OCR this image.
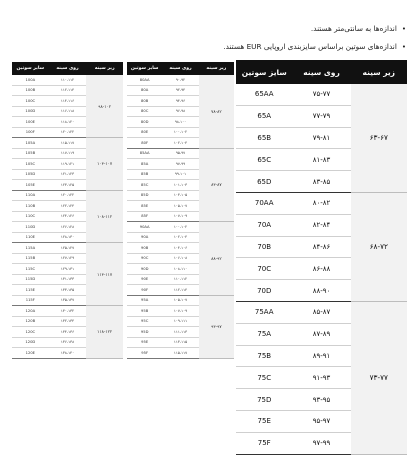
• اندازه‌ها به سانتی‌متر هستند.
• اندازه‌های سوتین براساس سایزبندی اروپایی EUR هستند.
زیر سینه	روی سینه	سایز سوتین
۶۳-۶۷	۷۵-۷۷	65AA
	۷۷-۷۹	65A
	۷۹-۸۱	65B
	۸۱-۸۳	65C
	۸۳-۸۵	65D
۶۸-۷۲	۸۰-۸۲	70AA
	۸۲-۸۴	70A
	۸۴-۸۶	70B
	۸۶-۸۸	70C
	۸۸-۹۰	70D
۷۳-۷۷	۸۵-۸۷	75AA
	۸۷-۸۹	75A
	۸۹-۹۱	75B
	۹۱-۹۳	75C
	۹۳-۹۵	75D
	۹۵-۹۷	75E
	۹۷-۹۹	75F
زیر سینه	روی سینه	سایز سوتین
۷۸-۸۲	۹۰-۹۲	80AA
	۹۲-۹۴	80A
	۹۴-۹۶	80B
	۹۶-۹۸	80C
	۹۸-۱۰۰	80D
	۱۰۰-۱۰۲	80E
	۱۰۲-۱۰۴	80F
۸۳-۸۷	۹۵-۹۷	85AA
	۹۷-۹۹	85A
	۹۹-۱۰۱	85B
	۱۰۱-۱۰۳	85C
	۱۰۳-۱۰۵	85D
	۱۰۵-۱۰۷	85E
	۱۰۷-۱۰۹	85F
۸۸-۹۲	۱۰۰-۱۰۲	90AA
	۱۰۲-۱۰۴	90A
	۱۰۴-۱۰۶	90B
	۱۰۶-۱۰۸	90C
	۱۰۸-۱۱۰	90D
	۱۱۰-۱۱۲	90E
	۱۱۲-۱۱۴	90F
۹۳-۹۷	۱۰۵-۱۰۷	95A
	۱۰۷-۱۰۹	95B
	۱۰۹-۱۱۱	95C
	۱۱۱-۱۱۳	95D
	۱۱۳-۱۱۵	95E
	۱۱۵-۱۱۷	95F
زیر سینه	روی سینه	سایز سوتین
۹۸-۱۰۲	۱۱۰-۱۱۲	100A
	۱۱۲-۱۱۴	100B
	۱۱۴-۱۱۶	100C
	۱۱۶-۱۱۸	100D
	۱۱۸-۱۲۰	100E
	۱۲۰-۱۲۲	100F
۱۰۳-۱۰۷	۱۱۵-۱۱۷	105A
	۱۱۷-۱۱۹	105B
	۱۱۹-۱۲۱	105C
	۱۲۱-۱۲۳	105D
	۱۲۳-۱۲۵	105E
۱۰۸-۱۱۲	۱۲۰-۱۲۲	110A
	۱۲۲-۱۲۴	110B
	۱۲۴-۱۲۶	110C
	۱۲۶-۱۲۸	110D
	۱۲۸-۱۳۰	110E
۱۱۳-۱۱۷	۱۲۵-۱۲۷	115A
	۱۲۷-۱۲۹	115B
	۱۲۹-۱۳۱	115C
	۱۳۱-۱۳۳	115D
	۱۳۳-۱۳۵	115E
	۱۳۵-۱۳۷	115F
۱۱۸-۱۲۲	۱۳۰-۱۳۲	120A
	۱۳۲-۱۳۴	120B
	۱۳۴-۱۳۶	120C
	۱۳۶-۱۳۸	120D
	۱۳۸-۱۴۰	120E
